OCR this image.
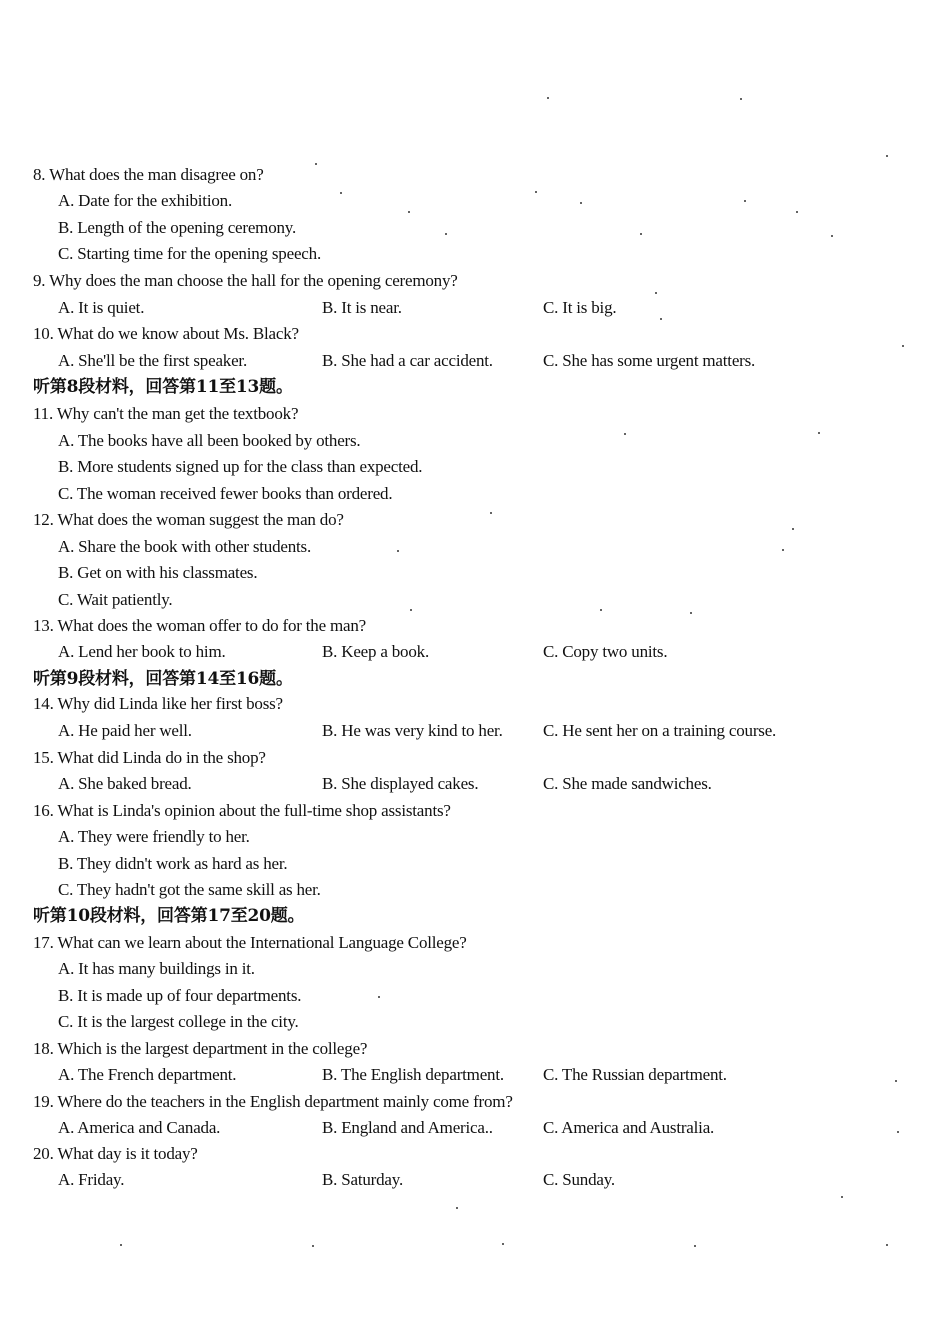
8. What does the man disagree on?
A. Date for the exhibition.
B. Length of the opening ceremony.
C. Starting time for the opening speech.
9. Why does the man choose the hall for the opening ceremony?
A. It is quiet.	B. It is near.	C. It is big.
10. What do we know about Ms. Black?
A. She'll be the first speaker.	B. She had a car accident.	C. She has some urgent matters.
听第8段材料，回答第11至13题。
11. Why can't the man get the textbook?
A. The books have all been booked by others.
B. More students signed up for the class than expected.
C. The woman received fewer books than ordered.
12. What does the woman suggest the man do?
A. Share the book with other students.
B. Get on with his classmates.
C. Wait patiently.
13. What does the woman offer to do for the man?
A. Lend her book to him.	B. Keep a book.	C. Copy two units.
听第9段材料，回答第14至16题。
14. Why did Linda like her first boss?
A. He paid her well.	B. He was very kind to her. C. He sent her on a training course.
15. What did Linda do in the shop?
A. She baked bread.	B. She displayed cakes.	C. She made sandwiches.
16. What is Linda's opinion about the full-time shop assistants?
A. They were friendly to her.
B. They didn't work as hard as her.
C. They hadn't got the same skill as her.
听第10段材料，回答第17至20题。
17. What can we learn about the International Language College?
A. It has many buildings in it.
B. It is made up of four departments.
C. It is the largest college in the city.
18. Which is the largest department in the college?
A. The French department.	B. The English department. C. The Russian department.
19. Where do the teachers in the English department mainly come from?
A. America and Canada.	B. England and America..	C. America and Australia.
20. What day is it today?
A. Friday.	B. Saturday.	C. Sunday.
